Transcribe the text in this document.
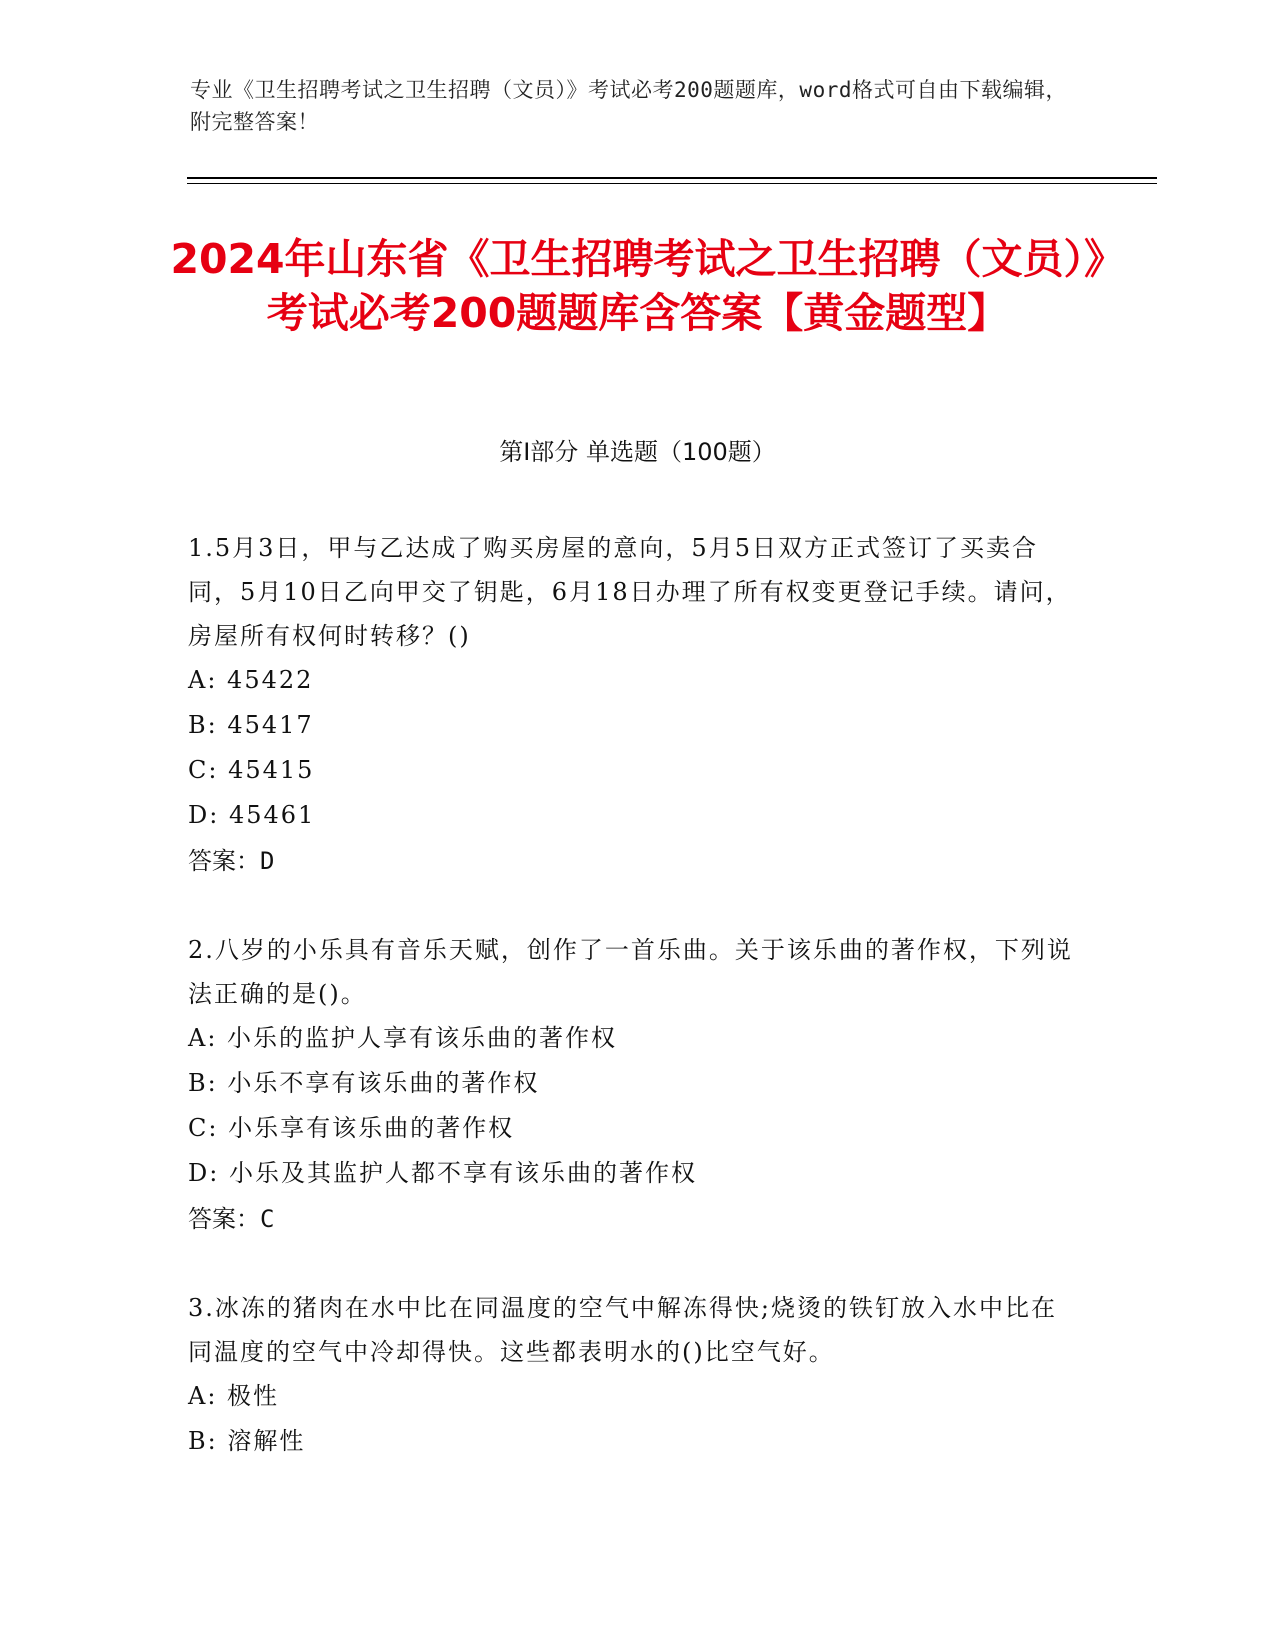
专业《卫生招聘考试之卫生招聘（文员）》考试必考200题题库，word格式可自由下载编辑，附完整答案！
2024年山东省《卫生招聘考试之卫生招聘（文员）》考试必考200题题库含答案【黄金题型】
第Ⅰ部分 单选题（100题）

1.5月3日，甲与乙达成了购买房屋的意向，5月5日双方正式签订了买卖合同，5月10日乙向甲交了钥匙，6月18日办理了所有权变更登记手续。请问，房屋所有权何时转移？()

A: 45422

B: 45417

C: 45415

D: 45461

答案：D

2.八岁的小乐具有音乐天赋，创作了一首乐曲。关于该乐曲的著作权，下列说法正确的是()。

A: 小乐的监护人享有该乐曲的著作权

B: 小乐不享有该乐曲的著作权

C: 小乐享有该乐曲的著作权

D: 小乐及其监护人都不享有该乐曲的著作权

答案：C

3.冰冻的猪肉在水中比在同温度的空气中解冻得快;烧烫的铁钉放入水中比在同温度的空气中冷却得快。这些都表明水的()比空气好。

A: 极性

B: 溶解性
